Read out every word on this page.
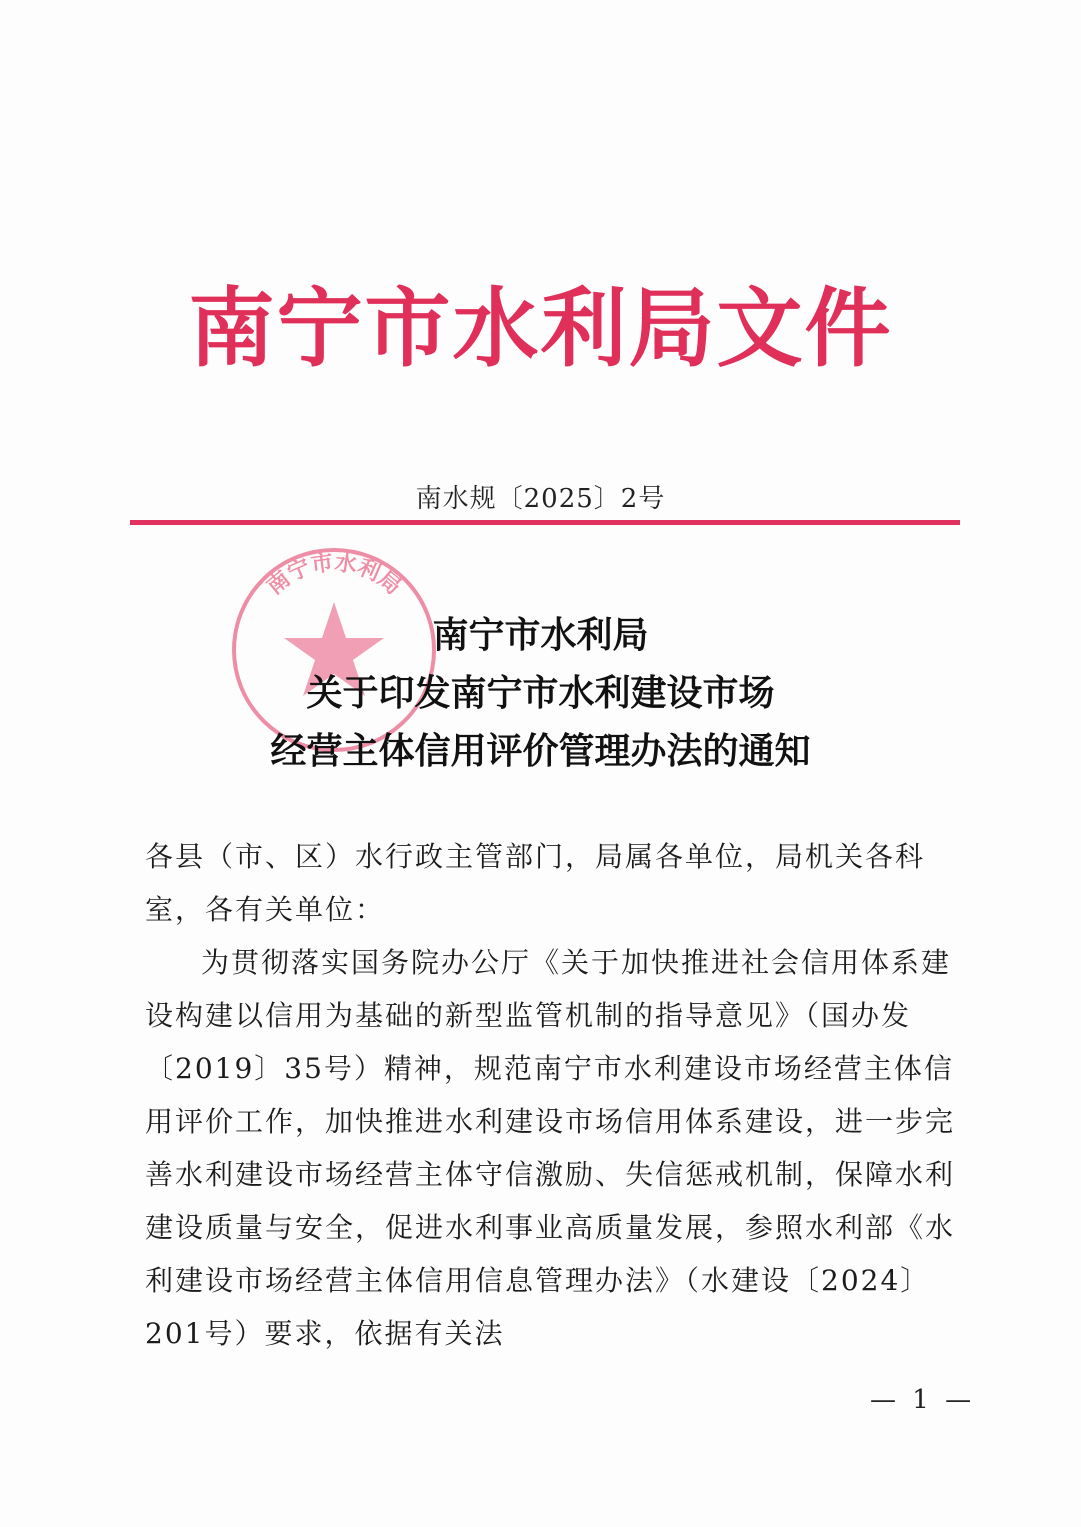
南宁市水利局文件
南水规〔2025〕2号
南宁市水利局
南宁市水利局
关于印发南宁市水利建设市场
经营主体信用评价管理办法的通知

各县（市、区）水行政主管部门，局属各单位，局机关各科室，各有关单位：

为贯彻落实国务院办公厅《关于加快推进社会信用体系建设构建以信用为基础的新型监管机制的指导意见》（国办发〔2019〕35号）精神，规范南宁市水利建设市场经营主体信用评价工作，加快推进水利建设市场信用体系建设，进一步完善水利建设市场经营主体守信激励、失信惩戒机制，保障水利建设质量与安全，促进水利事业高质量发展，参照水利部《水利建设市场经营主体信用信息管理办法》（水建设〔2024〕201号）要求，依据有关法

— 1 —
